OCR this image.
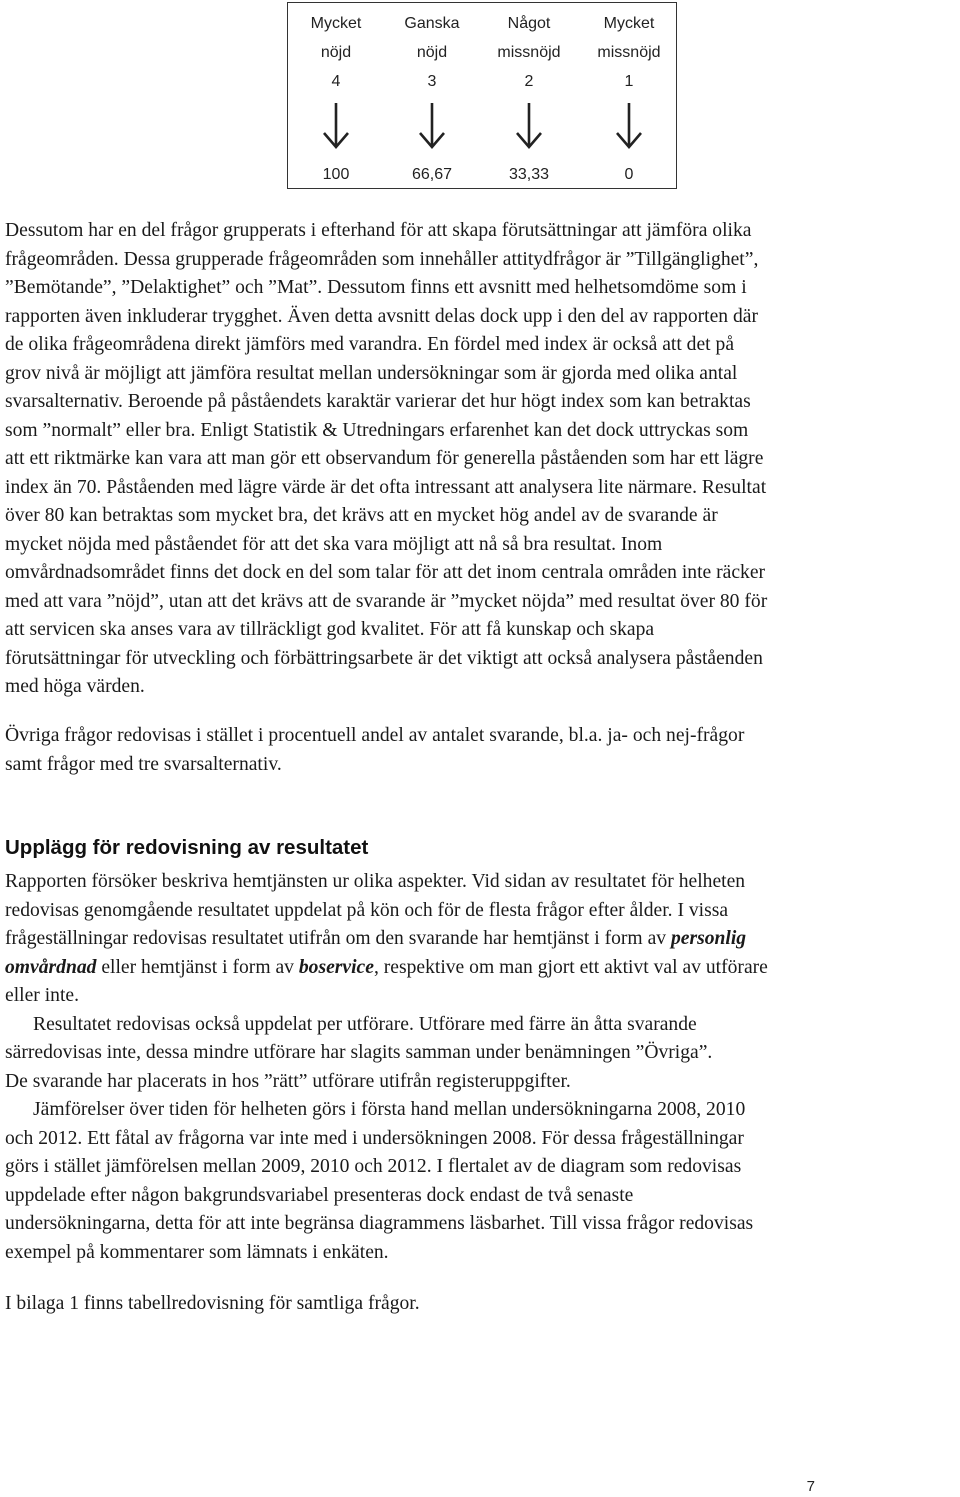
Mycket
nöjd
4
100
Ganska
nöjd
3
66,67
Något
missnöjd
2
33,33
Mycket
missnöjd
1
0
Dessutom har en del frågor grupperats i efterhand för att skapa förutsättningar att jämföra olika
frågeområden. Dessa grupperade frågeområden som innehåller attitydfrågor är ”Tillgänglighet”,
”Bemötande”, ”Delaktighet” och ”Mat”. Dessutom finns ett avsnitt med helhetsomdöme som i
rapporten även inkluderar trygghet. Även detta avsnitt delas dock upp i den del av rapporten där
de olika frågeområdena direkt jämförs med varandra. En fördel med index är också att det på
grov nivå är möjligt att jämföra resultat mellan undersökningar som är gjorda med olika antal
svarsalternativ. Beroende på påståendets karaktär varierar det hur högt index som kan betraktas
som ”normalt” eller bra. Enligt Statistik & Utredningars erfarenhet kan det dock uttryckas som
att ett riktmärke kan vara att man gör ett observandum för generella påståenden som har ett lägre
index än 70. Påståenden med lägre värde är det ofta intressant att analysera lite närmare. Resultat
över 80 kan betraktas som mycket bra, det krävs att en mycket hög andel av de svarande är
mycket nöjda med påståendet för att det ska vara möjligt att nå så bra resultat. Inom
omvårdnadsområdet finns det dock en del som talar för att det inom centrala områden inte räcker
med att vara ”nöjd”, utan att det krävs att de svarande är ”mycket nöjda” med resultat över 80 för
att servicen ska anses vara av tillräckligt god kvalitet. För att få kunskap och skapa
förutsättningar för utveckling och förbättringsarbete är det viktigt att också analysera påståenden
med höga värden.
Övriga frågor redovisas i stället i procentuell andel av antalet svarande, bl.a. ja- och nej-frågor
samt frågor med tre svarsalternativ.
Upplägg för redovisning av resultatet
Rapporten försöker beskriva hemtjänsten ur olika aspekter. Vid sidan av resultatet för helheten
redovisas genomgående resultatet uppdelat på kön och för de flesta frågor efter ålder. I vissa
frågeställningar redovisas resultatet utifrån om den svarande har hemtjänst i form av personlig
omvårdnad eller hemtjänst i form av boservice, respektive om man gjort ett aktivt val av utförare
eller inte.
Resultatet redovisas också uppdelat per utförare. Utförare med färre än åtta svarande
särredovisas inte, dessa mindre utförare har slagits samman under benämningen ”Övriga”.
De svarande har placerats in hos ”rätt” utförare utifrån registeruppgifter.
Jämförelser över tiden för helheten görs i första hand mellan undersökningarna 2008, 2010
och 2012. Ett fåtal av frågorna var inte med i undersökningen 2008. För dessa frågeställningar
görs i stället jämförelsen mellan 2009, 2010 och 2012. I flertalet av de diagram som redovisas
uppdelade efter någon bakgrundsvariabel presenteras dock endast de två senaste
undersökningarna, detta för att inte begränsa diagrammens läsbarhet. Till vissa frågor redovisas
exempel på kommentarer som lämnats i enkäten.
I bilaga 1 finns tabellredovisning för samtliga frågor.
7
